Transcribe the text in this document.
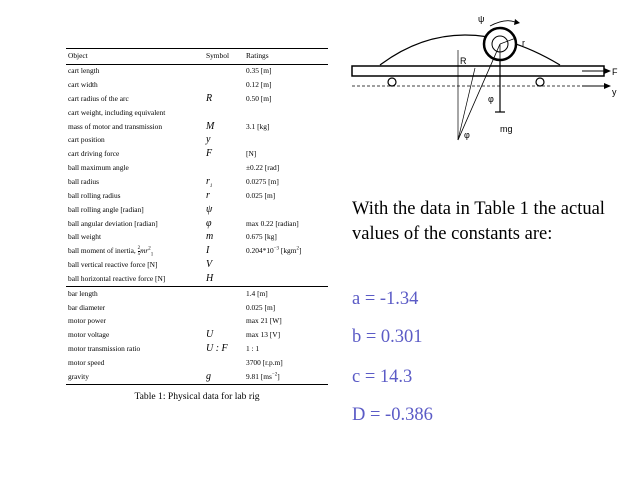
Object	Symbol	Ratings
cart length		0.35 [m]
cart width		0.12 [m]
cart radius of the arc	R	0.50 [m]
cart weight, including equivalent		
mass of motor and transmission	M	3.1 [kg]
cart position	y	
cart driving force	F	[N]
ball maximum angle		±0.22 [rad]
ball radius	$r_1$	0.0275 [m]
ball rolling radius	r	0.025 [m]
ball rolling angle [radian]	ψ	
ball angular deviation [radian]	φ	max 0.22 [radian]
ball weight	m	0.675 [kg]
ball moment of inertia, $\frac{2}{5} mr^2_1$	I	$0.204*10^{-3}$ [kgm$^2$]
ball vertical reactive force [N]	V	
ball horizontal reactive force [N]	H	
bar length		1.4 [m]
bar diameter		0.025 [m]
motor power		max 21 [W]
motor voltage	U	max 13 [V]
motor transmission ratio	U : F	1 : 1
motor speed		3700 [r.p.m]
gravity	g	9.81 $[ms^{-2}]$
Table 1: Physical data for lab rig
ψ
r
R
F
y
φ
mg
φ
With the data in Table 1 the actual values of the constants are:
a = -1.34
b = 0.301
c = 14.3
D = -0.386
